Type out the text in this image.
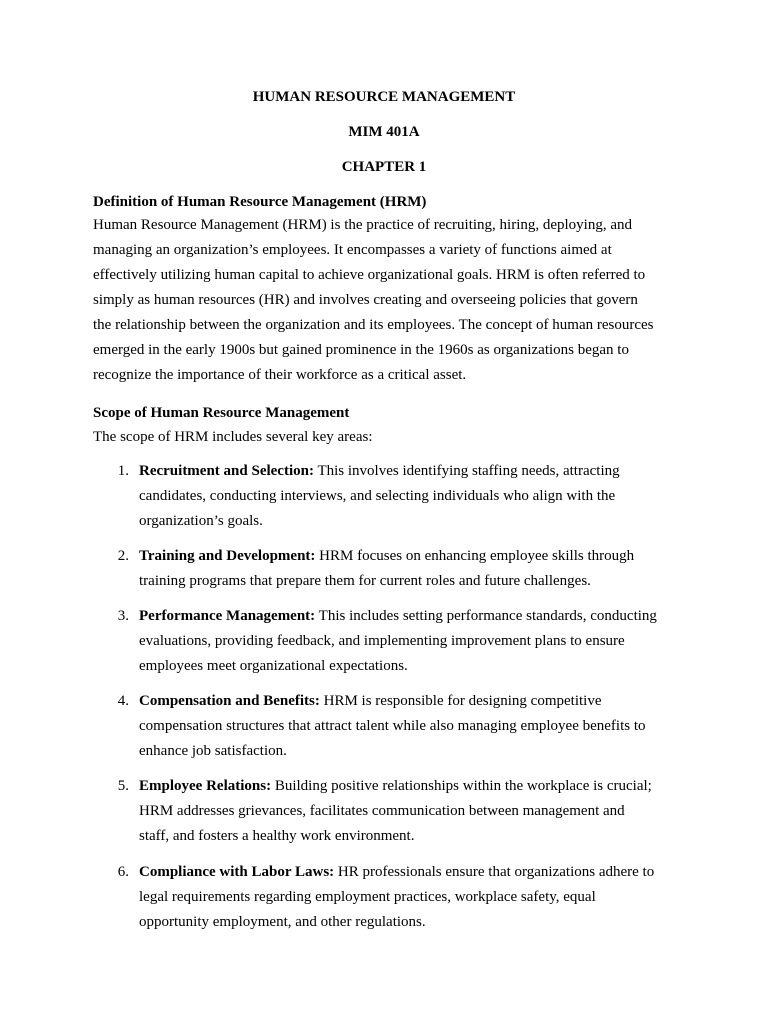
HUMAN RESOURCE MANAGEMENT
MIM 401A
CHAPTER 1
Definition of Human Resource Management (HRM)
Human Resource Management (HRM) is the practice of recruiting, hiring, deploying, and
managing an organization’s employees. It encompasses a variety of functions aimed at
effectively utilizing human capital to achieve organizational goals. HRM is often referred to
simply as human resources (HR) and involves creating and overseeing policies that govern
the relationship between the organization and its employees. The concept of human resources
emerged in the early 1900s but gained prominence in the 1960s as organizations began to
recognize the importance of their workforce as a critical asset.
Scope of Human Resource Management
The scope of HRM includes several key areas:
1. Recruitment and Selection: This involves identifying staffing needs, attracting
candidates, conducting interviews, and selecting individuals who align with the
organization’s goals.
2. Training and Development: HRM focuses on enhancing employee skills through
training programs that prepare them for current roles and future challenges.
3. Performance Management: This includes setting performance standards, conducting
evaluations, providing feedback, and implementing improvement plans to ensure
employees meet organizational expectations.
4. Compensation and Benefits: HRM is responsible for designing competitive
compensation structures that attract talent while also managing employee benefits to
enhance job satisfaction.
5. Employee Relations: Building positive relationships within the workplace is crucial;
HRM addresses grievances, facilitates communication between management and
staff, and fosters a healthy work environment.
6. Compliance with Labor Laws: HR professionals ensure that organizations adhere to
legal requirements regarding employment practices, workplace safety, equal
opportunity employment, and other regulations.
